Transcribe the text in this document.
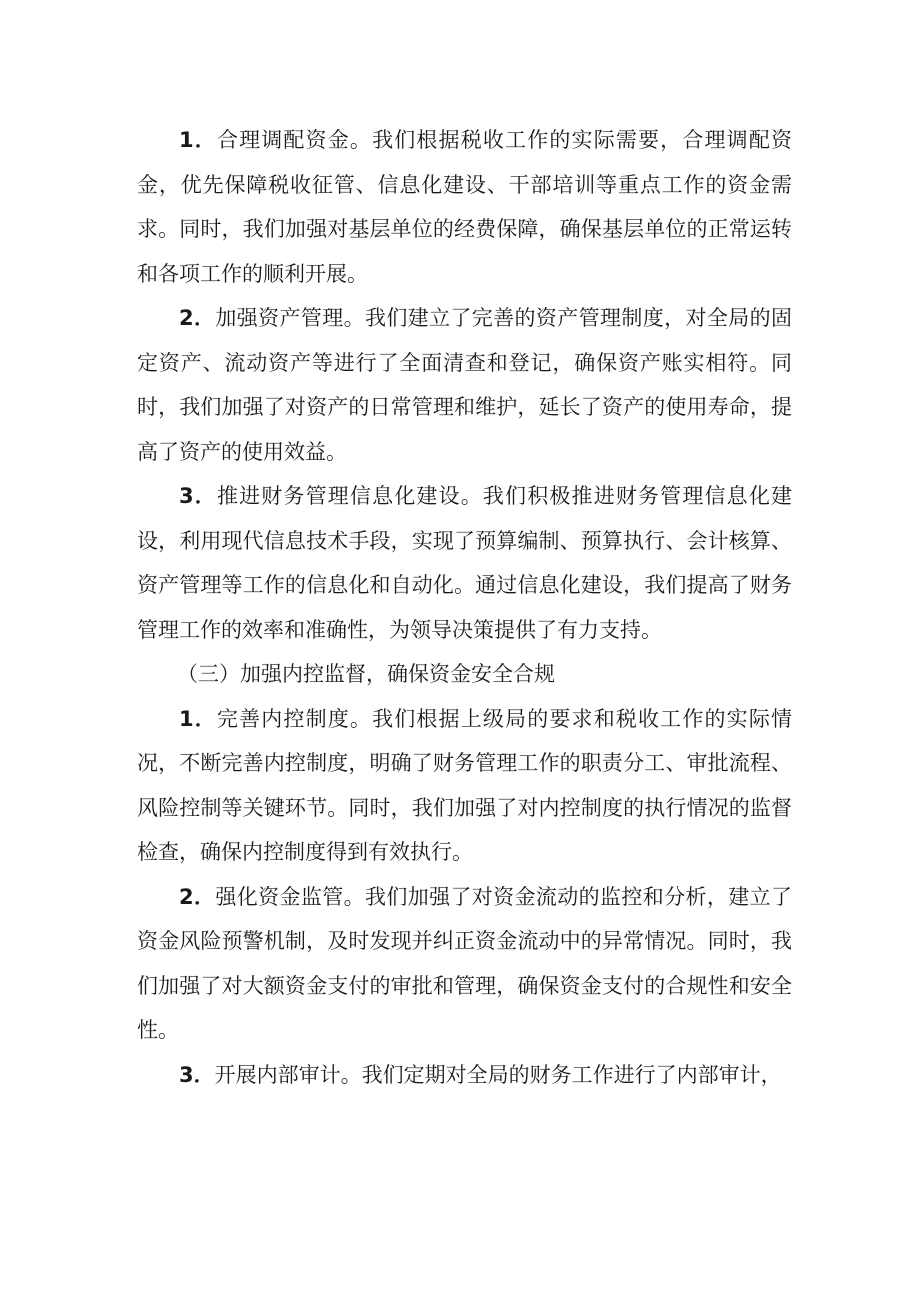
1．合理调配资金。我们根据税收工作的实际需要，合理调配资金，优先保障税收征管、信息化建设、干部培训等重点工作的资金需求。同时，我们加强对基层单位的经费保障，确保基层单位的正常运转和各项工作的顺利开展。

2．加强资产管理。我们建立了完善的资产管理制度，对全局的固定资产、流动资产等进行了全面清查和登记，确保资产账实相符。同时，我们加强了对资产的日常管理和维护，延长了资产的使用寿命，提高了资产的使用效益。

3．推进财务管理信息化建设。我们积极推进财务管理信息化建设，利用现代信息技术手段，实现了预算编制、预算执行、会计核算、资产管理等工作的信息化和自动化。通过信息化建设，我们提高了财务管理工作的效率和准确性，为领导决策提供了有力支持。

（三）加强内控监督，确保资金安全合规

1．完善内控制度。我们根据上级局的要求和税收工作的实际情况，不断完善内控制度，明确了财务管理工作的职责分工、审批流程、风险控制等关键环节。同时，我们加强了对内控制度的执行情况的监督检查，确保内控制度得到有效执行。

2．强化资金监管。我们加强了对资金流动的监控和分析，建立了资金风险预警机制，及时发现并纠正资金流动中的异常情况。同时，我们加强了对大额资金支付的审批和管理，确保资金支付的合规性和安全性。

3．开展内部审计。我们定期对全局的财务工作进行了内部审计，
